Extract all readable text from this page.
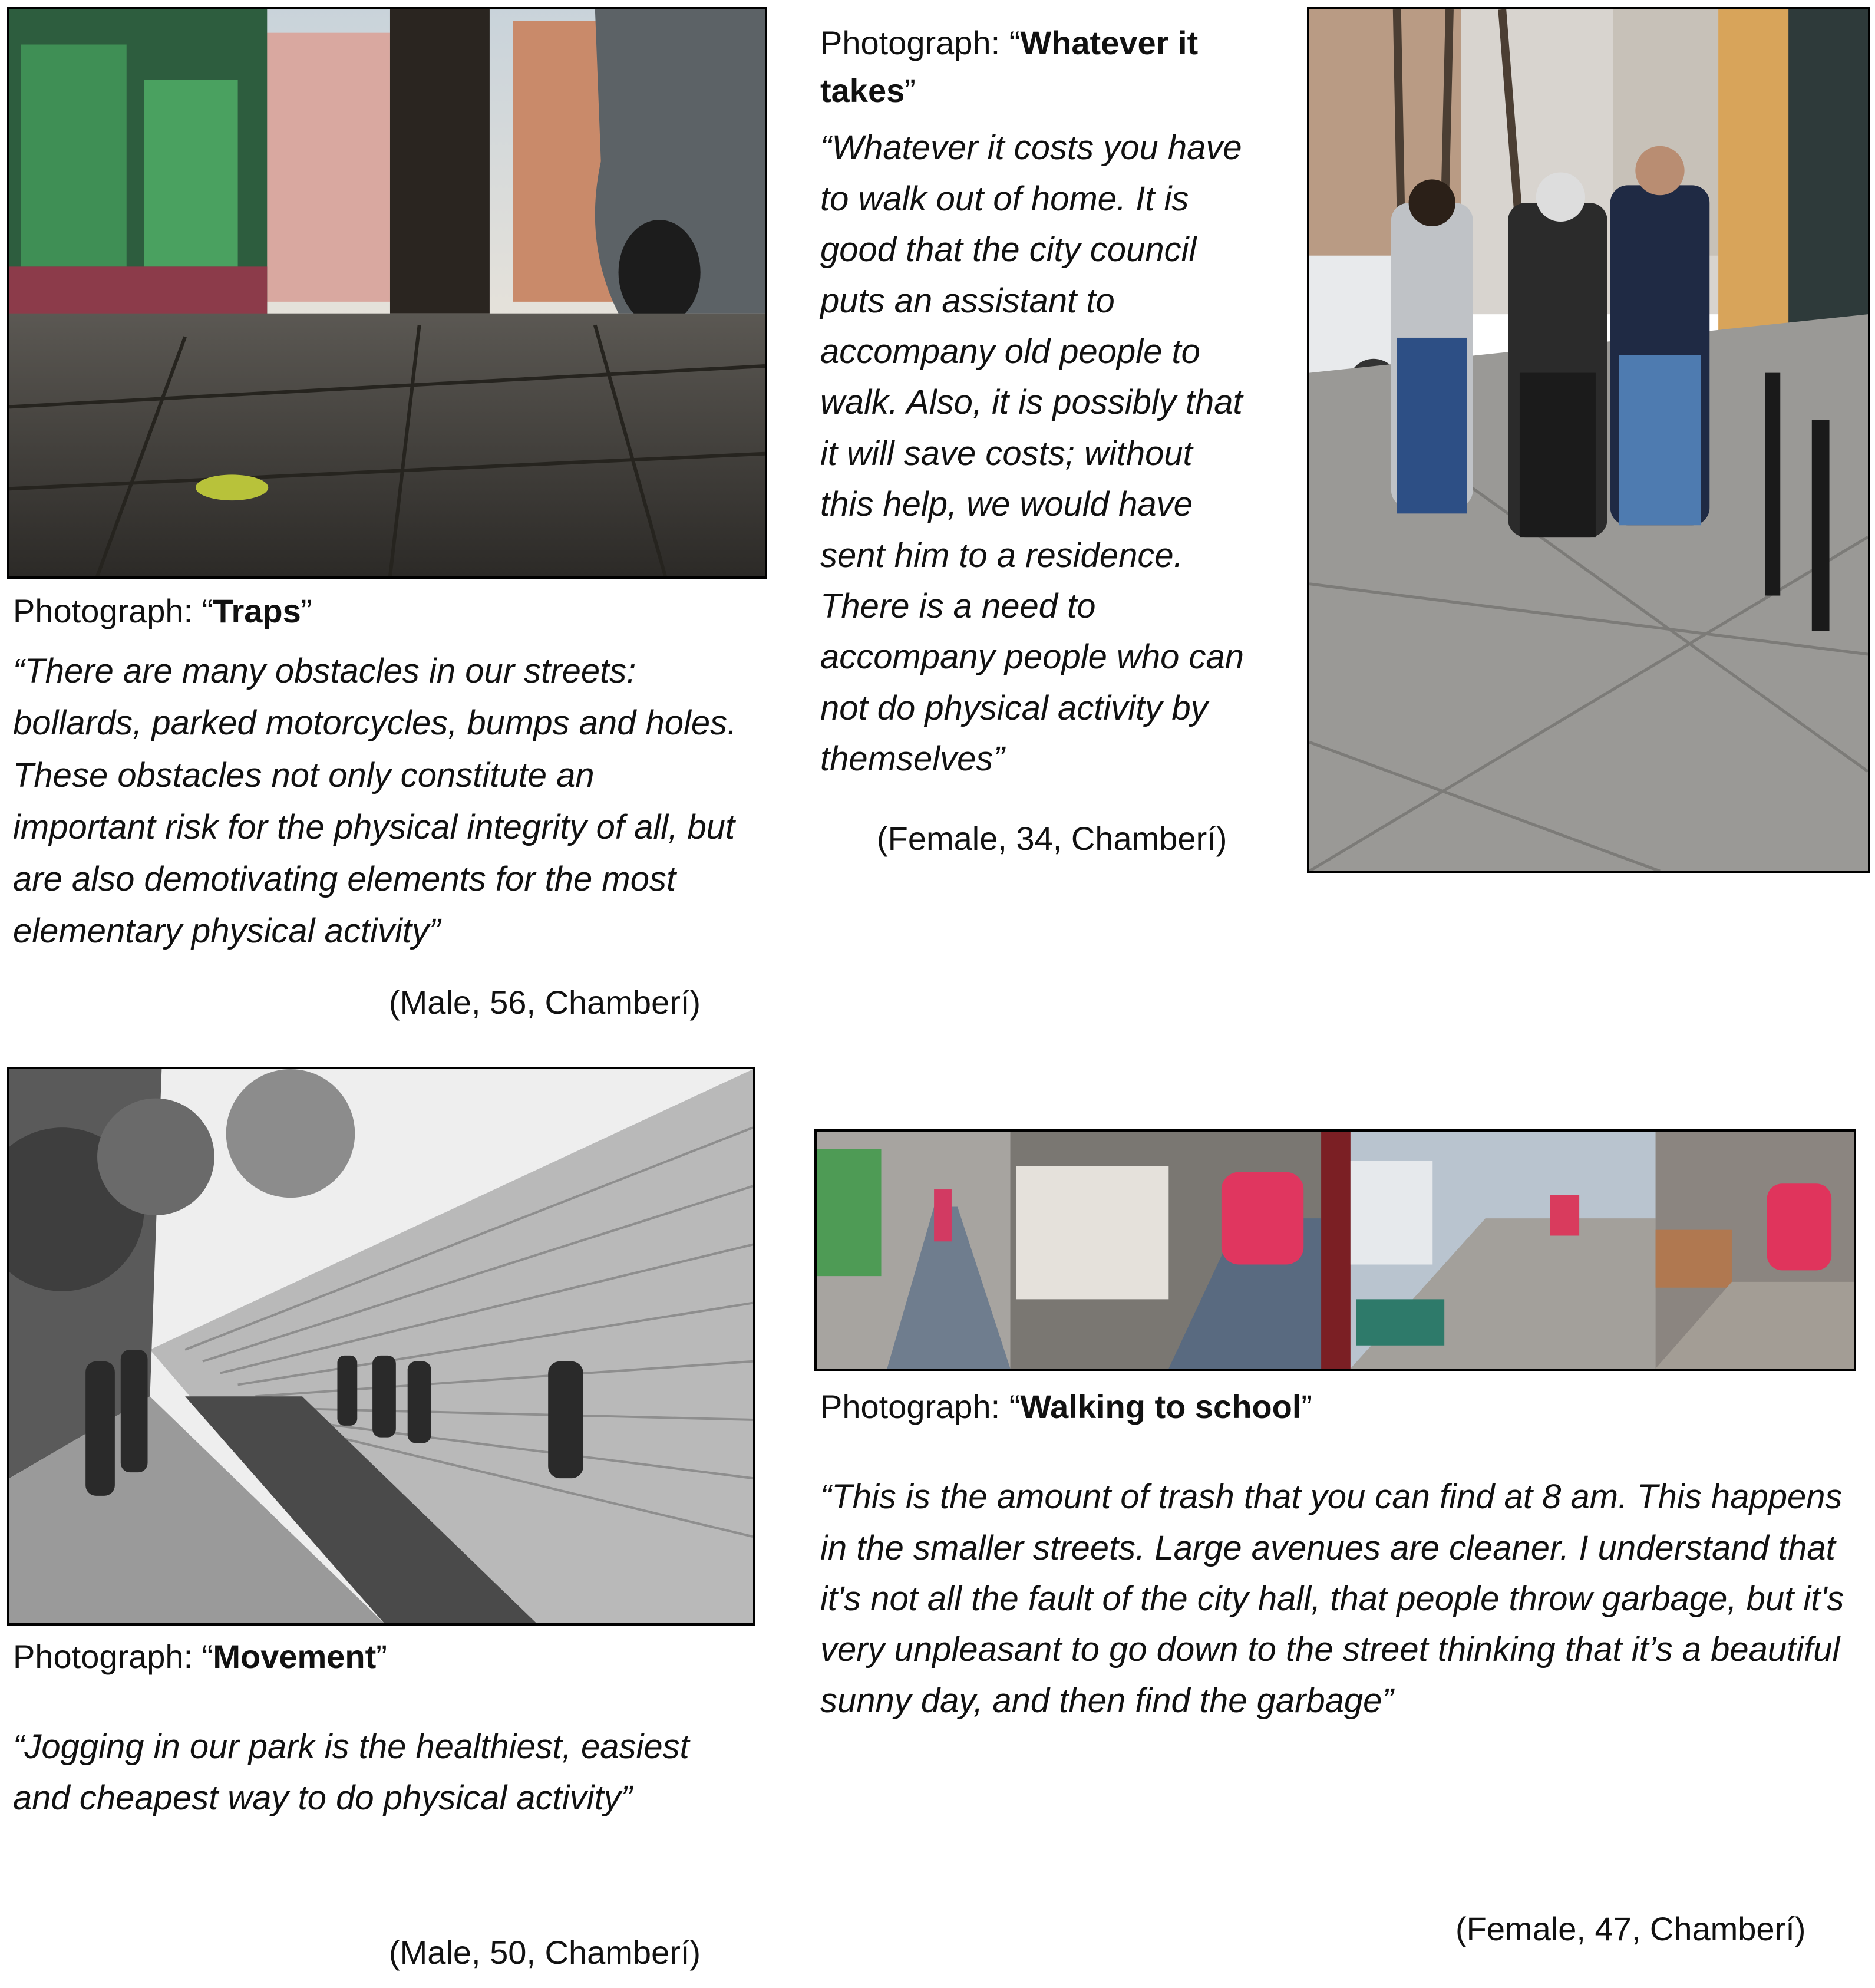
Photograph: “Traps”

“There are many obstacles in our streets: bollards, parked motorcycles, bumps and holes. These obstacles not only constitute an important risk for the physical integrity of all, but are also demotivating elements for the most elementary physical activity”

(Male, 56, Chamberí)

Photograph: “Whatever it takes”

“Whatever it costs you have to walk out of home. It is good that the city council puts an assistant to accompany old people to walk. Also, it is possibly that it will save costs; without this help, we would have sent him to a residence. There is a need to accompany people who can not do physical activity by themselves”

(Female, 34, Chamberí)

Photograph: “Movement”

“Jogging in our park is the healthiest, easiest and cheapest way to do physical activity”

(Male, 50, Chamberí)

Photograph: “Walking to school”

“This is the amount of trash that you can find at 8 am. This happens in the smaller streets. Large avenues are cleaner. I understand that it's not all the fault of the city hall, that people throw garbage, but it's very unpleasant to go down to the street thinking that it’s a beautiful sunny day, and then find the garbage”

(Female, 47, Chamberí)
